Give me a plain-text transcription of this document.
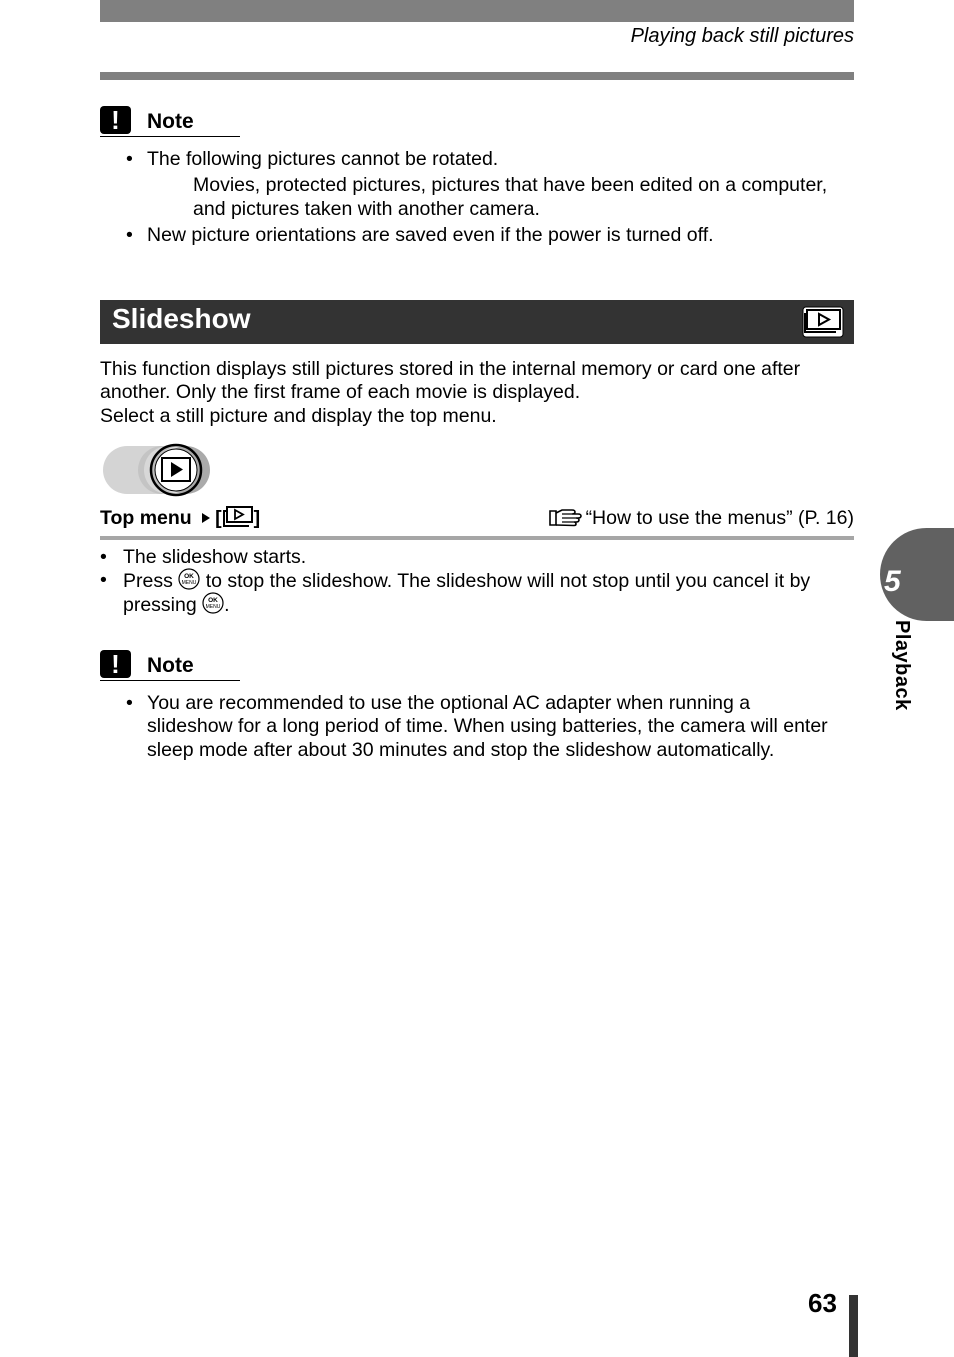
Playing back still pictures
!
Note
• The following pictures cannot be rotated.
Movies, protected pictures, pictures that have been edited on a computer,
and pictures taken with another camera.
• New picture orientations are saved even if the power is turned off.
Slideshow
This function displays still pictures stored in the internal memory or card one after
another. Only the first frame of each movie is displayed.
Select a still picture and display the top menu.
Top menu [ ]	“How to use the menus” (P. 16)
• The slideshow starts.
• Press OK
MENU to stop the slideshow. The slideshow will not stop until you cancel it by
pressing OK
MENU .
!
Note
• You are recommended to use the optional AC adapter when running a
slideshow for a long period of time. When using batteries, the camera will enter
sleep mode after about 30 minutes and stop the slideshow automatically.
5
Playback
63
